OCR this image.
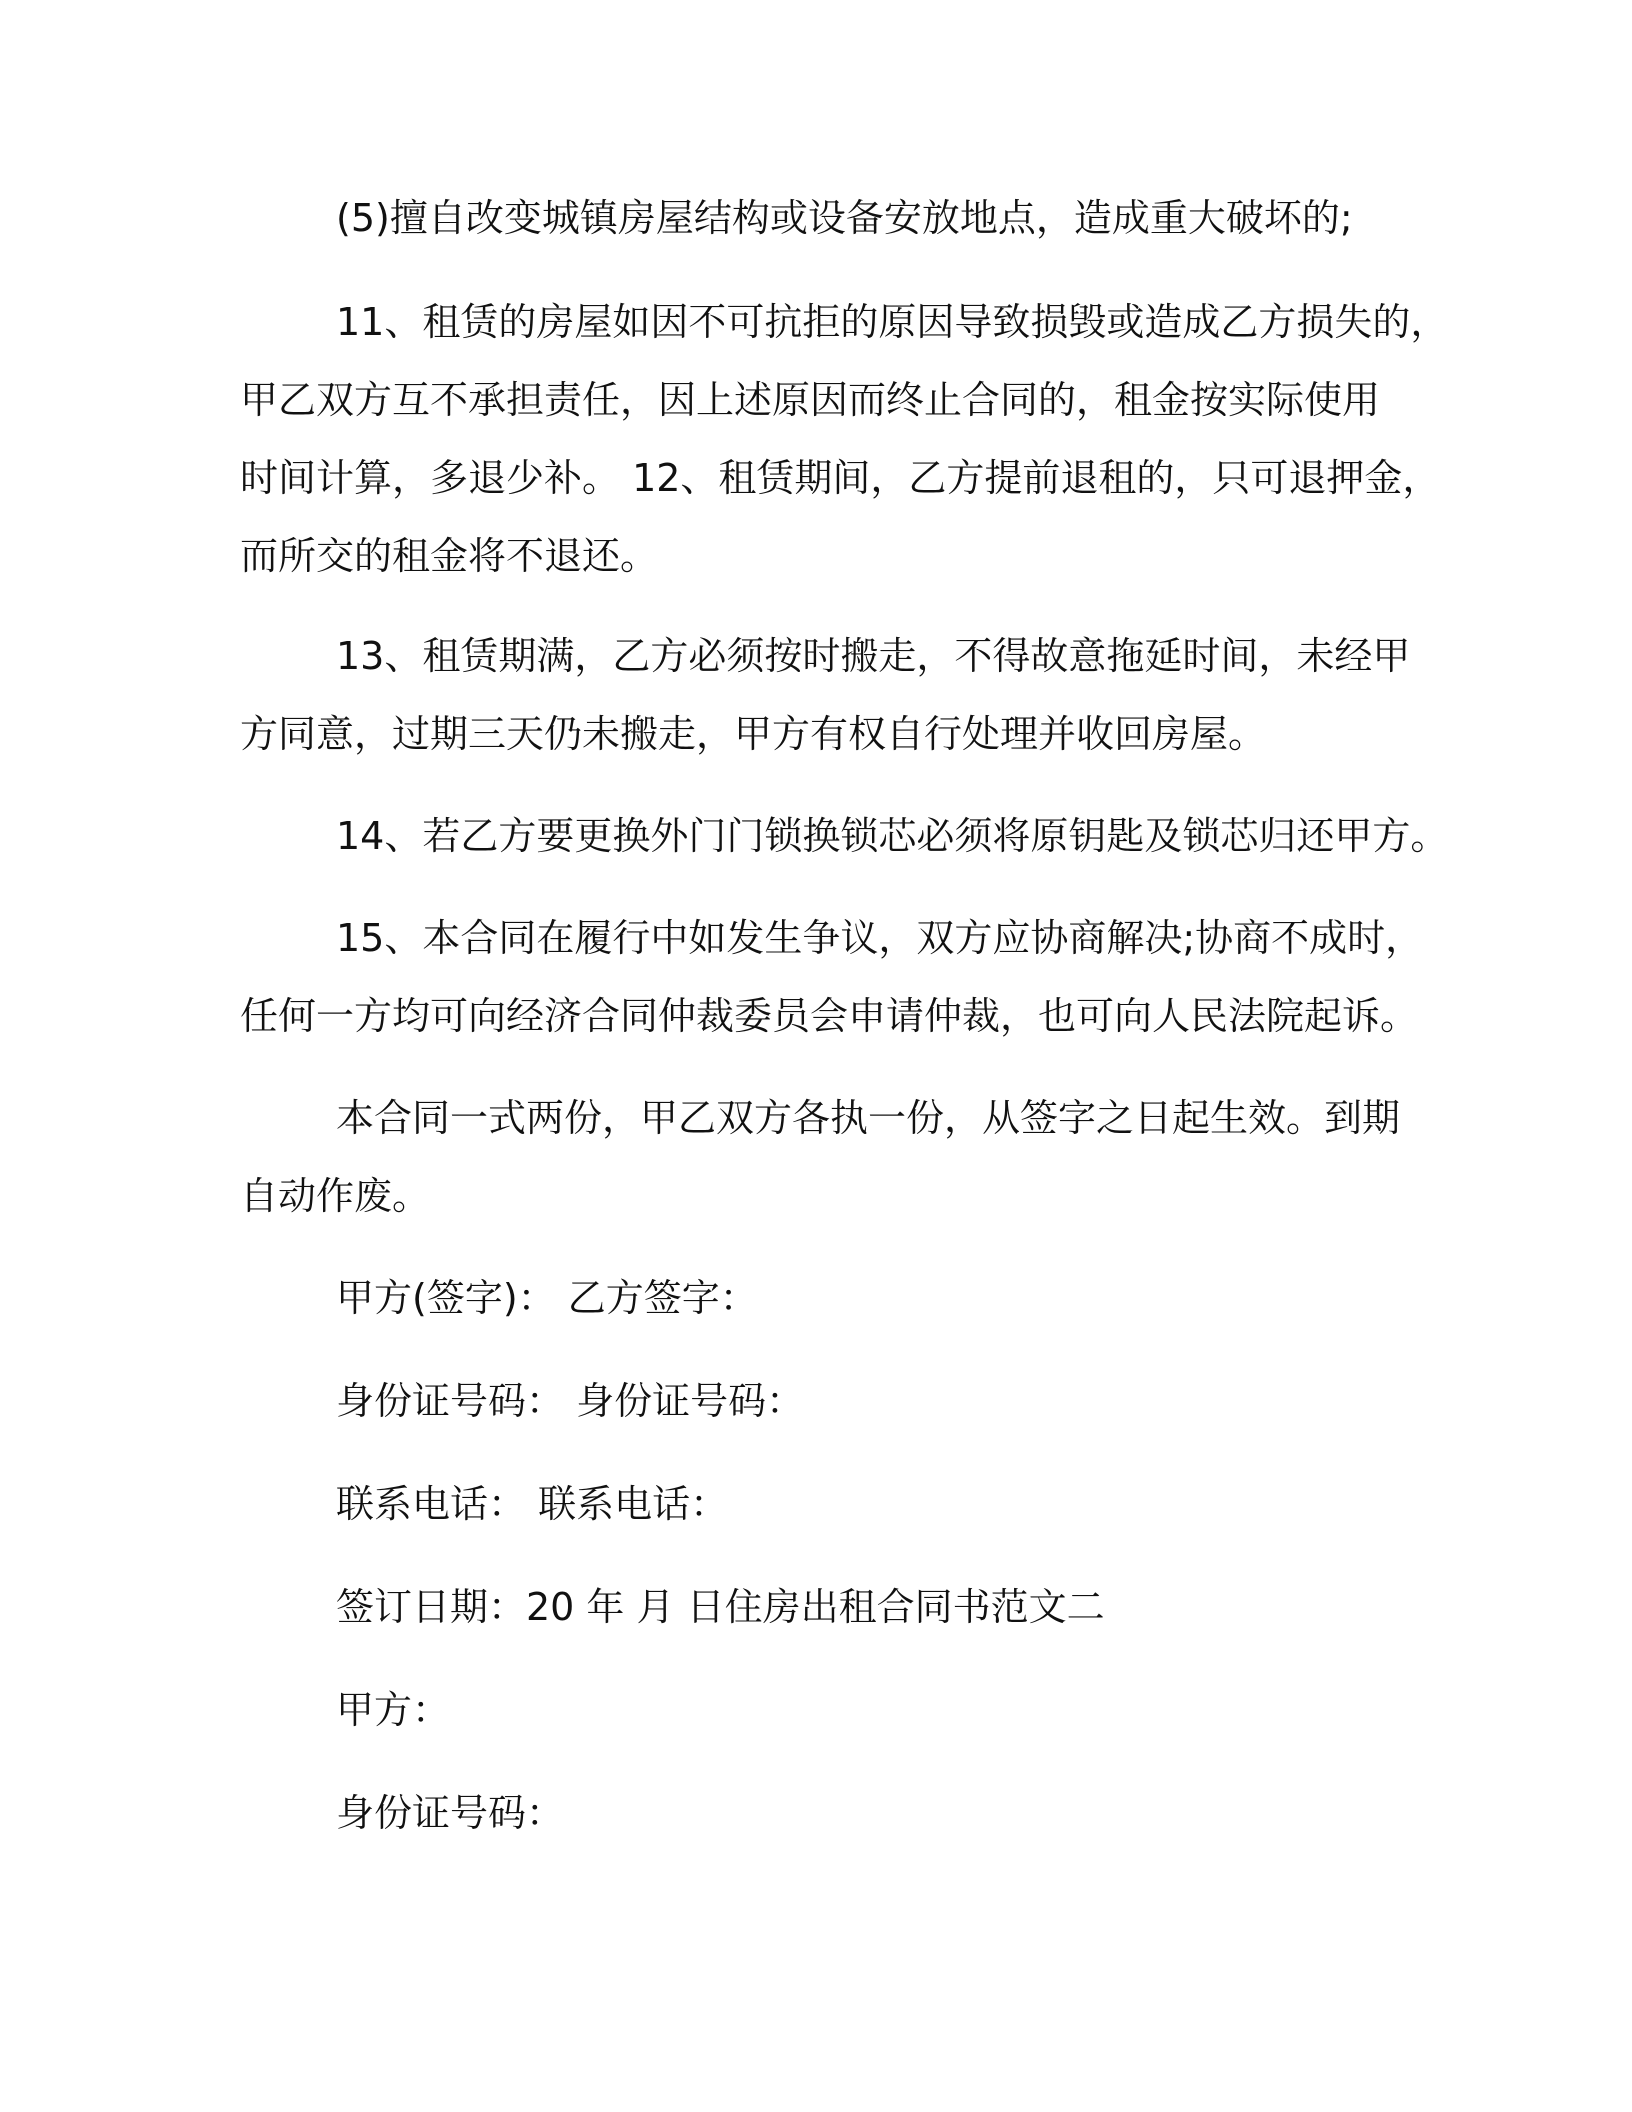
(5)擅自改变城镇房屋结构或设备安放地点，造成重大破坏的;
11、租赁的房屋如因不可抗拒的原因导致损毁或造成乙方损失的，
甲乙双方互不承担责任，因上述原因而终止合同的，租金按实际使用
时间计算，多退少补。 12、租赁期间，乙方提前退租的，只可退押金，
而所交的租金将不退还。
13、租赁期满，乙方必须按时搬走，不得故意拖延时间，未经甲
方同意，过期三天仍未搬走，甲方有权自行处理并收回房屋。
14、若乙方要更换外门门锁换锁芯必须将原钥匙及锁芯归还甲方。
15、本合同在履行中如发生争议，双方应协商解决;协商不成时，
任何一方均可向经济合同仲裁委员会申请仲裁，也可向人民法院起诉。
本合同一式两份，甲乙双方各执一份，从签字之日起生效。到期
自动作废。
甲方(签字)： 乙方签字：
身份证号码： 身份证号码：
联系电话： 联系电话：
签订日期：20 年 月 日住房出租合同书范文二
甲方：
身份证号码：
